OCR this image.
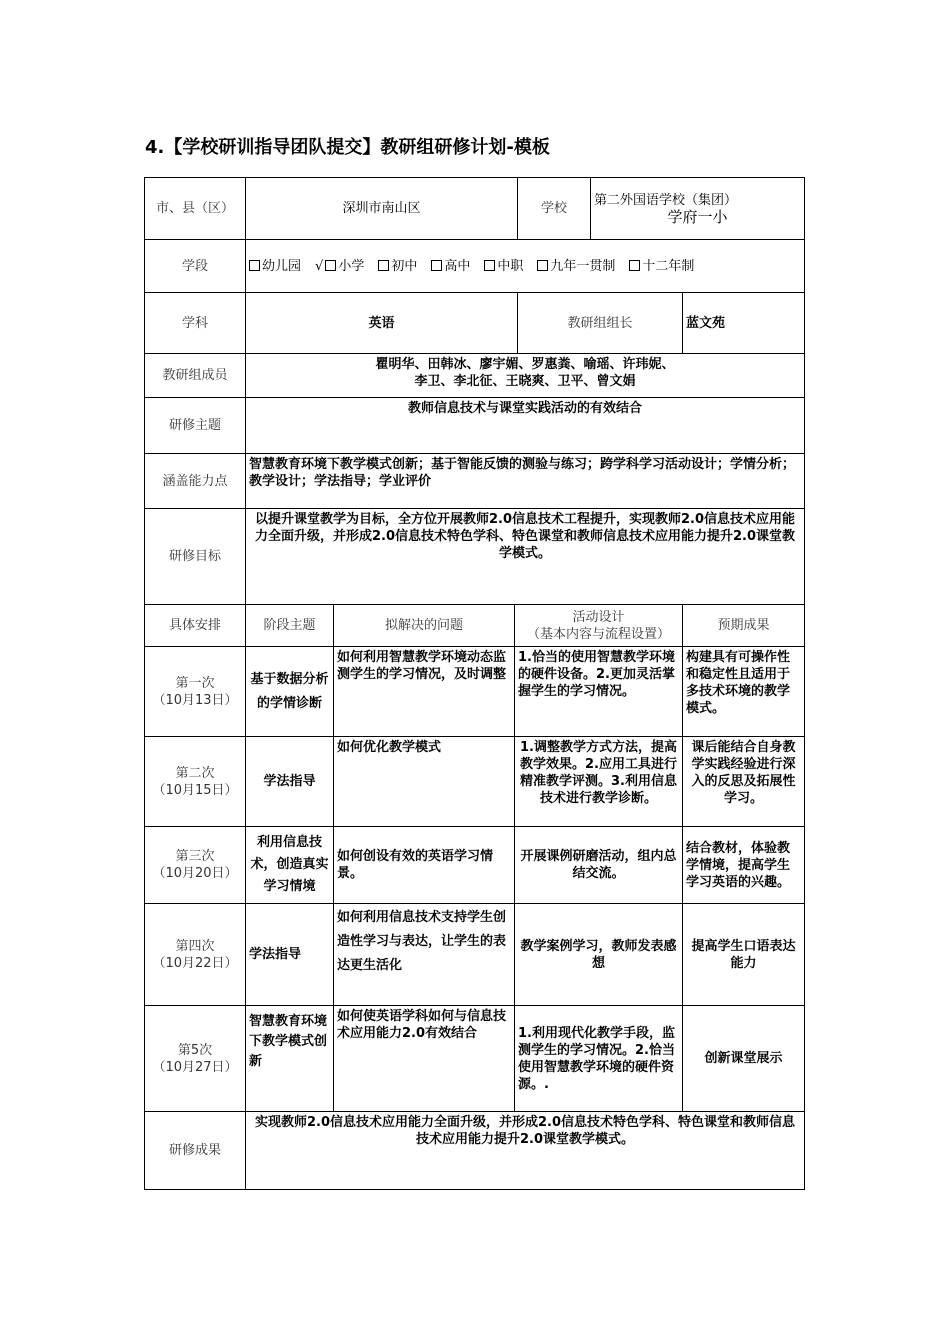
4.【学校研训指导团队提交】教研组研修计划-模板
市、县（区）	深圳市南山区			学校	第二外国语学校（集团）
学府一小	

学段	幼儿园 √ 小学 初中 高中 中职 九年一贯制 十二年制					
学科	英语			教研组组长		蓝文苑
教研组成员	瞿明华、田韩冰、廖宇媚、罗惠粪、喻瑶、许玮妮、
李卫、李北征、王晓爽、卫平、曾文娟					

研修主题	教师信息技术与课堂实践活动的有效结合					
涵盖能力点	智慧教育环境下教学模式创新；基于智能反馈的测验与练习；跨学科学习活动设计；学情分析；教学设计；学法指导；学业评价					
研修目标	以提升课堂教学为目标，全方位开展教师2.0信息技术工程提升，实现教师2.0信息技术应用能力全面升级，并形成2.0信息技术特色学科、特色课堂和教师信息技术应用能力提升2.0课堂教学模式。					
具体安排	阶段主题	拟解决的问题	活动设计
（基本内容与流程设置）			预期成果

第一次
（10月13日）	基于数据分析的学情诊断	如何利用智慧教学环境动态监测学生的学习情况，及时调整	1.恰当的使用智慧教学环境的硬件设备。2.更加灵活掌握学生的学习情况。			构建具有可操作性和稳定性且适用于多技术环境的教学模式。

第二次
（10月15日）	学法指导	如何优化教学模式	1.调整教学方式方法，提高教学效果。2.应用工具进行精准教学评测。3.利用信息技术进行教学诊断。			课后能结合自身教学实践经验进行深入的反思及拓展性学习。

第三次
（10月20日）	利用信息技术，创造真实学习情境	如何创设有效的英语学习情景。	开展课例研磨活动，组内总结交流。			结合教材，体验教学情境，提高学生学习英语的兴趣。

第四次
（10月22日）	学法指导	如何利用信息技术支持学生创造性学习与表达，让学生的表达更生活化	教学案例学习，教师发表感想			提高学生口语表达能力

第5次
（10月27日）	智慧教育环境下教学模式创新	如何使英语学科如何与信息技术应用能力2.0有效结合	1.利用现代化教学手段，监测学生的学习情况。2.恰当使用智慧教学环境的硬件资源。.			创新课堂展示
研修成果	实现教师2.0信息技术应用能力全面升级，并形成2.0信息技术特色学科、特色课堂和教师信息技术应用能力提升2.0课堂教学模式。					
